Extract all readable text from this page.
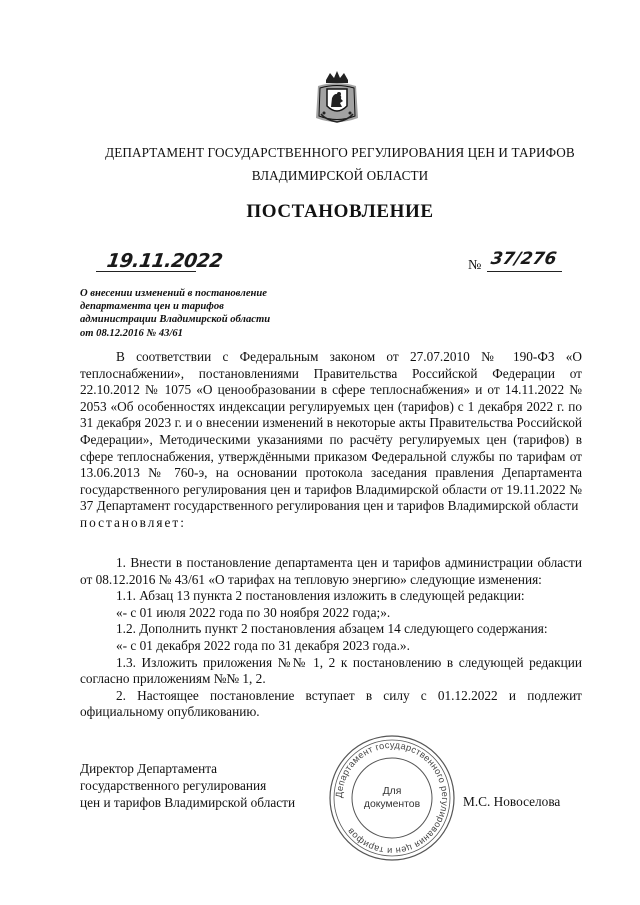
ДЕПАРТАМЕНТ ГОСУДАРСТВЕННОГО РЕГУЛИРОВАНИЯ ЦЕН И ТАРИФОВ
ВЛАДИМИРСКОЙ ОБЛАСТИ
ПОСТАНОВЛЕНИЕ
19.11.2022	№ 37/276
О внесении изменений в постановление
департамента цен и тарифов
администрации Владимирской области
от 08.12.2016 № 43/61
В соответствии с Федеральным законом от 27.07.2010 № 190-ФЗ «О теплоснабжении», постановлениями Правительства Российской Федерации от 22.10.2012 № 1075 «О ценообразовании в сфере теплоснабжения» и от 14.11.2022 № 2053 «Об особенностях индексации регулируемых цен (тарифов) с 1 декабря 2022 г. по 31 декабря 2023 г. и о внесении изменений в некоторые акты Правительства Российской Федерации», Методическими указаниями по расчёту регулируемых цен (тарифов) в сфере теплоснабжения, утверждёнными приказом Федеральной службы по тарифам от 13.06.2013 № 760-э, на основании протокола заседания правления Департамента государственного регулирования цен и тарифов Владимирской области от 19.11.2022 № 37 Департамент государственного регулирования цен и тарифов Владимирской области
постановляет:
1. Внести в постановление департамента цен и тарифов администрации области от 08.12.2016 № 43/61 «О тарифах на тепловую энергию» следующие изменения:
1.1. Абзац 13 пункта 2 постановления изложить в следующей редакции:
«- с 01 июля 2022 года по 30 ноября 2022 года;».
1.2. Дополнить пункт 2 постановления абзацем 14 следующего содержания:
«- с 01 декабря 2022 года по 31 декабря 2023 года.».
1.3. Изложить приложения №№ 1, 2 к постановлению в следующей редакции согласно приложениям №№ 1, 2.
2. Настоящее постановление вступает в силу с 01.12.2022 и подлежит официальному опубликованию.
Директор Департамента
государственного регулирования
цен и тарифов Владимирской области
Департамент государственного регулирования цен и тарифов
Для
документов	М.С. Новоселова
